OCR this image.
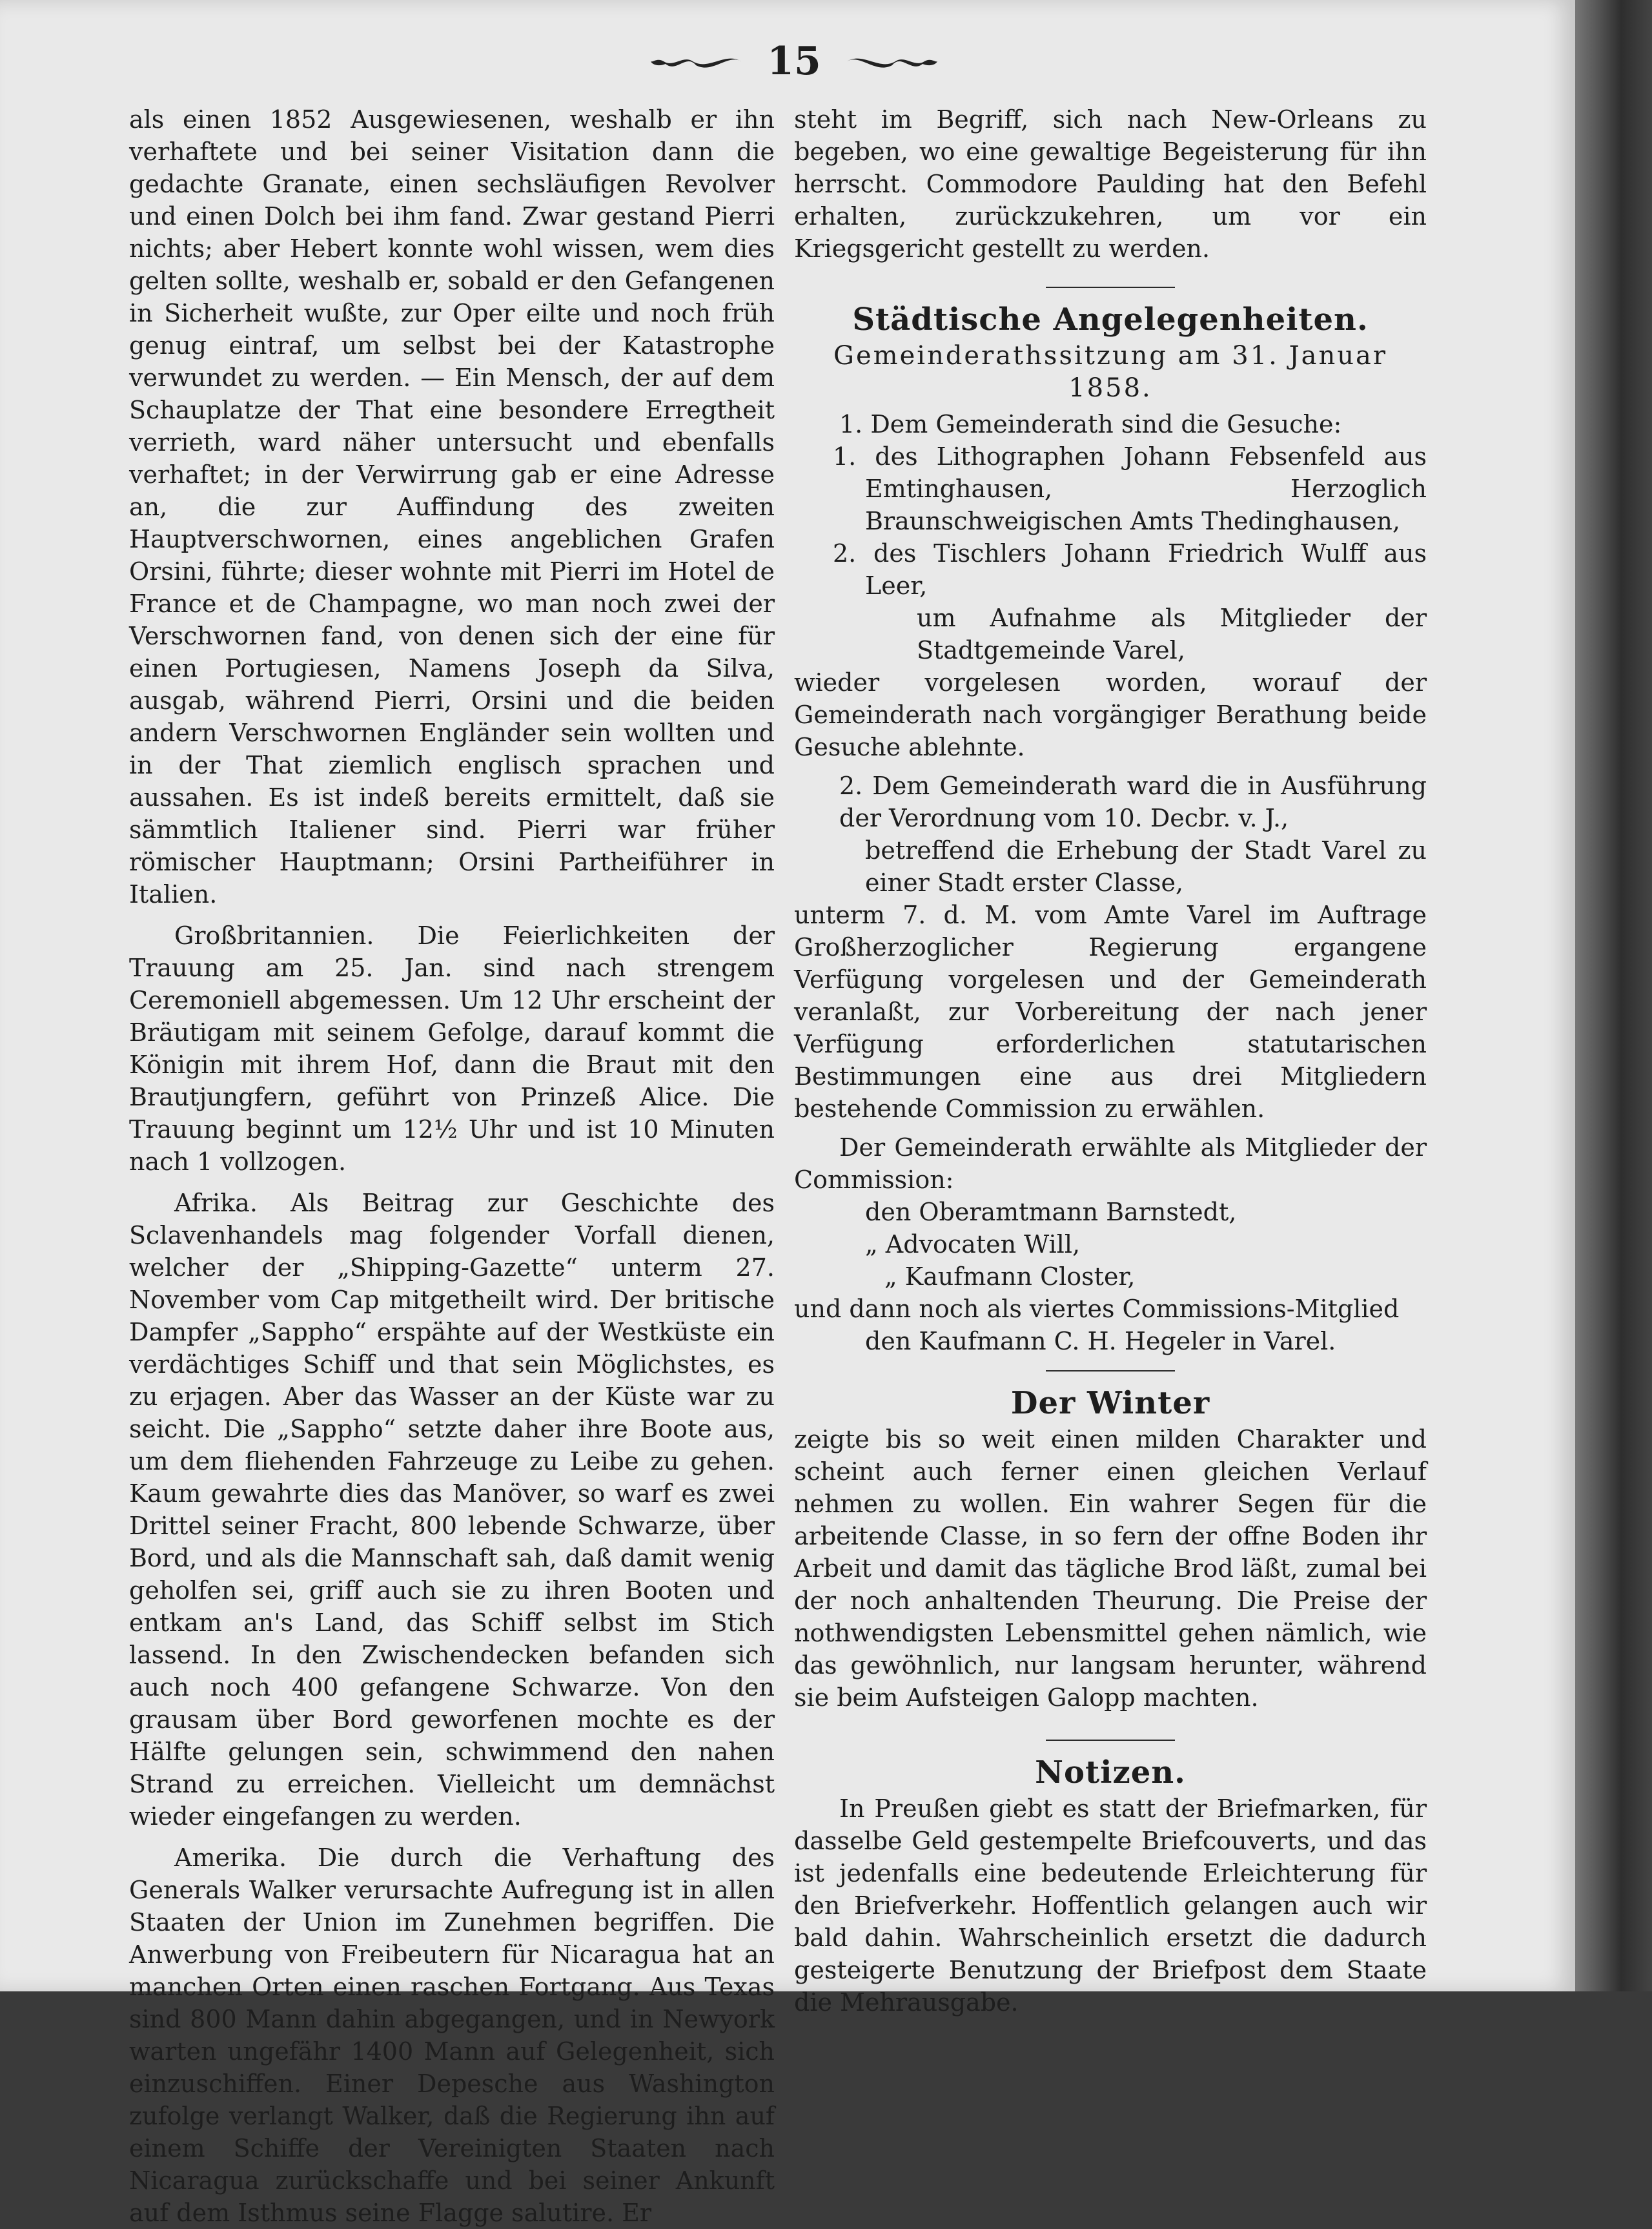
15

als einen 1852 Ausgewiesenen, weshalb er ihn verhaftete und bei seiner Visitation dann die gedachte Granate, einen sechsläufigen Revolver und einen Dolch bei ihm fand. Zwar gestand Pierri nichts; aber Hebert konnte wohl wissen, wem dies gelten sollte, weshalb er, sobald er den Gefangenen in Sicherheit wußte, zur Oper eilte und noch früh genug eintraf, um selbst bei der Katastrophe verwundet zu werden. — Ein Mensch, der auf dem Schauplatze der That eine besondere Erregtheit verrieth, ward näher untersucht und ebenfalls verhaftet; in der Verwirrung gab er eine Adresse an, die zur Auffindung des zweiten Hauptverschwornen, eines angeblichen Grafen Orsini, führte; dieser wohnte mit Pierri im Hotel de France et de Champagne, wo man noch zwei der Verschwornen fand, von denen sich der eine für einen Portugiesen, Namens Joseph da Silva, ausgab, während Pierri, Orsini und die beiden andern Verschwornen Engländer sein wollten und in der That ziemlich englisch sprachen und aussahen. Es ist indeß bereits ermittelt, daß sie sämmtlich Italiener sind. Pierri war früher römischer Hauptmann; Orsini Partheiführer in Italien.

Großbritannien. Die Feierlichkeiten der Trauung am 25. Jan. sind nach strengem Ceremoniell abgemessen. Um 12 Uhr erscheint der Bräutigam mit seinem Gefolge, darauf kommt die Königin mit ihrem Hof, dann die Braut mit den Brautjungfern, geführt von Prinzeß Alice. Die Trauung beginnt um 12½ Uhr und ist 10 Minuten nach 1 vollzogen.

Afrika. Als Beitrag zur Geschichte des Sclavenhandels mag folgender Vorfall dienen, welcher der „Shipping-Gazette“ unterm 27. November vom Cap mitgetheilt wird. Der britische Dampfer „Sappho“ erspähte auf der Westküste ein verdächtiges Schiff und that sein Möglichstes, es zu erjagen. Aber das Wasser an der Küste war zu seicht. Die „Sappho“ setzte daher ihre Boote aus, um dem fliehenden Fahrzeuge zu Leibe zu gehen. Kaum gewahrte dies das Manöver, so warf es zwei Drittel seiner Fracht, 800 lebende Schwarze, über Bord, und als die Mannschaft sah, daß damit wenig geholfen sei, griff auch sie zu ihren Booten und entkam an's Land, das Schiff selbst im Stich lassend. In den Zwischendecken befanden sich auch noch 400 gefangene Schwarze. Von den grausam über Bord geworfenen mochte es der Hälfte gelungen sein, schwimmend den nahen Strand zu erreichen. Vielleicht um demnächst wieder eingefangen zu werden.

Amerika. Die durch die Verhaftung des Generals Walker verursachte Aufregung ist in allen Staaten der Union im Zunehmen begriffen. Die Anwerbung von Freibeutern für Nicaragua hat an manchen Orten einen raschen Fortgang. Aus Texas sind 800 Mann dahin abgegangen, und in Newyork warten ungefähr 1400 Mann auf Gelegenheit, sich einzuschiffen. Einer Depesche aus Washington zufolge verlangt Walker, daß die Regierung ihn auf einem Schiffe der Vereinigten Staaten nach Nicaragua zurückschaffe und bei seiner Ankunft auf dem Isthmus seine Flagge salutire. Er

steht im Begriff, sich nach New-Orleans zu begeben, wo eine gewaltige Begeisterung für ihn herrscht. Commodore Paulding hat den Befehl erhalten, zurückzukehren, um vor ein Kriegsgericht gestellt zu werden.

Städtische Angelegenheiten.
Gemeinderathssitzung am 31. Januar 1858.

1. Dem Gemeinderath sind die Gesuche:

1. des Lithographen Johann Febsenfeld aus Emtinghausen, Herzoglich Braunschweigischen Amts Thedinghausen,

2. des Tischlers Johann Friedrich Wulff aus Leer,

um Aufnahme als Mitglieder der Stadtgemeinde Varel,

wieder vorgelesen worden, worauf der Gemeinderath nach vorgängiger Berathung beide Gesuche ablehnte.

2. Dem Gemeinderath ward die in Ausführung der Verordnung vom 10. Decbr. v. J.,

betreffend die Erhebung der Stadt Varel zu einer Stadt erster Classe,

unterm 7. d. M. vom Amte Varel im Auftrage Großherzoglicher Regierung ergangene Verfügung vorgelesen und der Gemeinderath veranlaßt, zur Vorbereitung der nach jener Verfügung erforderlichen statutarischen Bestimmungen eine aus drei Mitgliedern bestehende Commission zu erwählen.

Der Gemeinderath erwählte als Mitglieder der Commission:

den Oberamtmann Barnstedt,

„ Advocaten Will,

„ Kaufmann Closter,

und dann noch als viertes Commissions-Mitglied

den Kaufmann C. H. Hegeler in Varel.

Der Winter

zeigte bis so weit einen milden Charakter und scheint auch ferner einen gleichen Verlauf nehmen zu wollen. Ein wahrer Segen für die arbeitende Classe, in so fern der offne Boden ihr Arbeit und damit das tägliche Brod läßt, zumal bei der noch anhaltenden Theurung. Die Preise der nothwendigsten Lebensmittel gehen nämlich, wie das gewöhnlich, nur langsam herunter, während sie beim Aufsteigen Galopp machten.

Notizen.

In Preußen giebt es statt der Briefmarken, für dasselbe Geld gestempelte Briefcouverts, und das ist jedenfalls eine bedeutende Erleichterung für den Briefverkehr. Hoffentlich gelangen auch wir bald dahin. Wahrscheinlich ersetzt die dadurch gesteigerte Benutzung der Briefpost dem Staate die Mehrausgabe.
